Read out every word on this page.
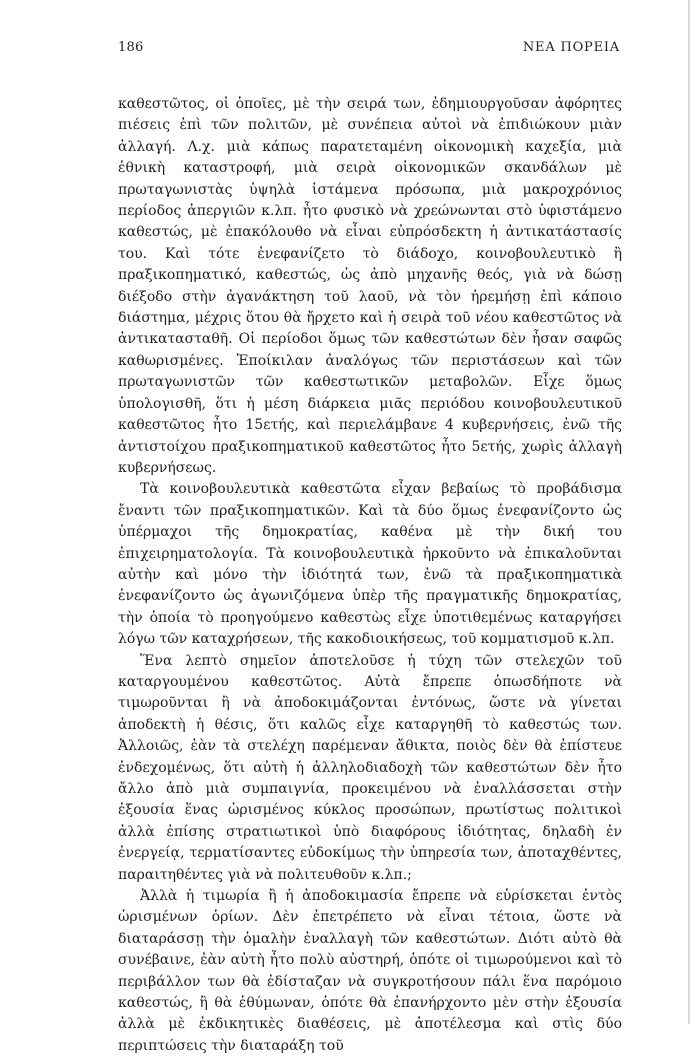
186	ΝΕΑ ΠΟΡΕΙΑ

καθεστῶτος, οἱ ὁποῖες, μὲ τὴν σειρά των, ἐδημιουργοῦσαν ἀφόρητες πιέσεις ἐπὶ τῶν πολιτῶν, μὲ συνέπεια αὐτοὶ νὰ ἐπιδιώκουν μιὰν ἀλλαγή. Λ.χ. μιὰ κάπως παρατεταμένη οἰκονομικὴ καχεξία, μιὰ ἐθνικὴ καταστροφή, μιὰ σειρὰ οἰκονομικῶν σκανδάλων μὲ πρωταγωνιστὰς ὑψηλὰ ἱστάμενα πρόσωπα, μιὰ μακροχρόνιος περίοδος ἀπεργιῶν κ.λπ. ἦτο φυσικὸ νὰ χρεώνωνται στὸ ὑφιστάμενο καθεστώς, μὲ ἐπακόλουθο νὰ εἶναι εὐπρόσδεκτη ἡ ἀντικατάστασίς του. Καὶ τότε ἐνεφανίζετο τὸ διάδοχο, κοινοβουλευτικὸ ἢ πραξικοπηματικό, καθεστώς, ὡς ἀπὸ μηχανῆς θεός, γιὰ νὰ δώσῃ διέξοδο στὴν ἀγανάκτηση τοῦ λαοῦ, νὰ τὸν ἠρεμήσῃ ἐπὶ κάποιο διάστημα, μέχρις ὅτου θὰ ἤρχετο καὶ ἡ σειρὰ τοῦ νέου καθεστῶτος νὰ ἀντικατασταθῆ. Οἱ περίοδοι ὅμως τῶν καθεστώτων δὲν ἦσαν σαφῶς καθωρισμένες. Ἐποίκιλαν ἀναλόγως τῶν περιστάσεων καὶ τῶν πρωταγωνιστῶν τῶν καθεστωτικῶν μεταβολῶν. Εἶχε ὅμως ὑπολογισθῆ, ὅτι ἡ μέση διάρκεια μιᾶς περιόδου κοινοβουλευτικοῦ καθεστῶτος ἦτο 15ετής, καὶ περιελάμβανε 4 κυβερνήσεις, ἐνῶ τῆς ἀντιστοίχου πραξικοπηματικοῦ καθεστῶτος ἦτο 5ετής, χωρὶς ἀλλαγὴ κυβερνήσεως.

Τὰ κοινοβουλευτικὰ καθεστῶτα εἶχαν βεβαίως τὸ προβάδισμα ἔναντι τῶν πραξικοπηματικῶν. Καὶ τὰ δύο ὅμως ἐνεφανίζοντο ὡς ὑπέρμαχοι τῆς δημοκρατίας, καθένα μὲ τὴν δική του ἐπιχειρηματολογία. Τὰ κοινοβουλευτικὰ ἠρκοῦντο νὰ ἐπικαλοῦνται αὐτὴν καὶ μόνο τὴν ἰδιότητά των, ἐνῶ τὰ πραξικοπηματικὰ ἐνεφανίζοντο ὡς ἀγωνιζόμενα ὑπὲρ τῆς πραγματικῆς δημοκρατίας, τὴν ὁποία τὸ προηγούμενο καθεστὼς εἶχε ὑποτιθεμένως καταργήσει λόγω τῶν καταχρήσεων, τῆς κακοδιοικήσεως, τοῦ κομματισμοῦ κ.λπ.

Ἕνα λεπτὸ σημεῖον ἀποτελοῦσε ἡ τύχη τῶν στελεχῶν τοῦ καταργουμένου καθεστῶτος. Αὐτὰ ἔπρεπε ὁπωσδήποτε νὰ τιμωροῦνται ἢ νὰ ἀποδοκιμάζονται ἐντόνως, ὥστε νὰ γίνεται ἀποδεκτὴ ἡ θέσις, ὅτι καλῶς εἶχε καταργηθῆ τὸ καθεστώς των. Ἀλλοιῶς, ἐὰν τὰ στελέχη παρέμεναν ἄθικτα, ποιὸς δὲν θὰ ἐπίστευε ἐνδεχομένως, ὅτι αὐτὴ ἡ ἀλληλοδιαδοχὴ τῶν καθεστώτων δὲν ἦτο ἄλλο ἀπὸ μιὰ συμπαιγνία, προκειμένου νὰ ἐναλλάσσεται στὴν ἐξουσία ἕνας ὡρισμένος κύκλος προσώπων, πρωτίστως πολιτικοὶ ἀλλὰ ἐπίσης στρατιωτικοὶ ὑπὸ διαφόρους ἰδιότητας, δηλαδὴ ἐν ἐνεργείᾳ, τερματίσαντες εὐδοκίμως τὴν ὑπηρεσία των, ἀποταχθέντες, παραιτηθέντες γιὰ νὰ πολιτευθοῦν κ.λπ.;

Ἀλλὰ ἡ τιμωρία ἢ ἡ ἀποδοκιμασία ἔπρεπε νὰ εὑρίσκεται ἐντὸς ὡρισμένων ὁρίων. Δὲν ἐπετρέπετο νὰ εἶναι τέτοια, ὥστε νὰ διαταράσσῃ τὴν ὁμαλὴν ἐναλλαγὴ τῶν καθεστώτων. Διότι αὐτὸ θὰ συνέβαινε, ἐὰν αὐτὴ ἦτο πολὺ αὐστηρή, ὁπότε οἱ τιμωρούμενοι καὶ τὸ περιβάλλον των θὰ ἐδίσταζαν νὰ συγκροτήσουν πάλι ἕνα παρόμοιο καθεστώς, ἢ θὰ ἐθύμωναν, ὁπότε θὰ ἐπανήρχοντο μὲν στὴν ἐξουσία ἀλλὰ μὲ ἐκδικητικὲς διαθέσεις, μὲ ἀποτέλεσμα καὶ στὶς δύο περιπτώσεις τὴν διαταράξη τοῦ
